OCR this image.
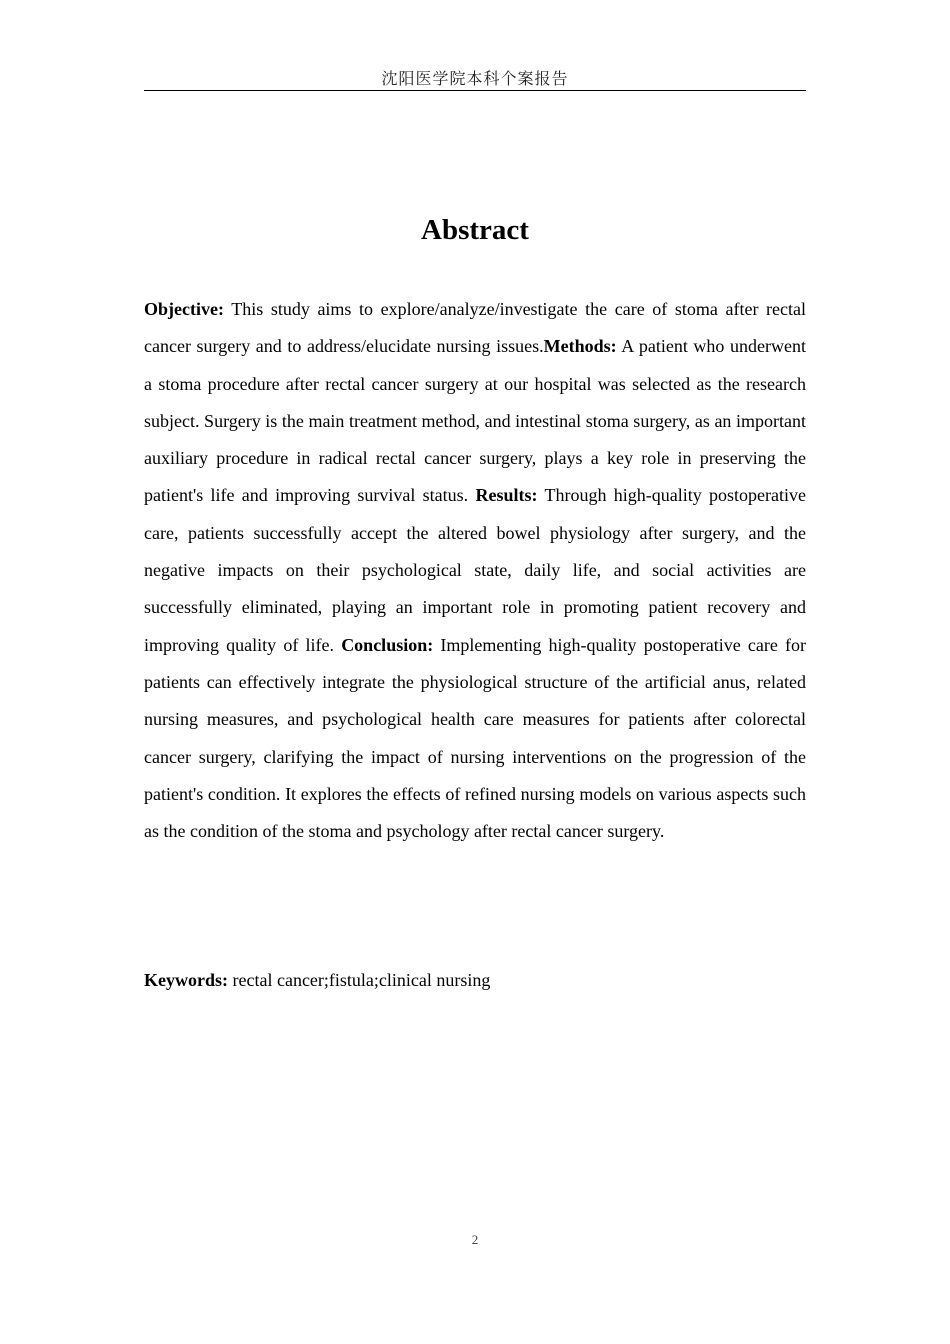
沈阳医学院本科个案报告
Abstract

Objective: This study aims to explore/analyze/investigate the care of stoma after rectal cancer surgery and to address/elucidate nursing issues.Methods: A patient who underwent a stoma procedure after rectal cancer surgery at our hospital was selected as the research subject. Surgery is the main treatment method, and intestinal stoma surgery, as an important auxiliary procedure in radical rectal cancer surgery, plays a key role in preserving the patient's life and improving survival status. Results: Through high-quality postoperative care, patients successfully accept the altered bowel physiology after surgery, and the negative impacts on their psychological state, daily life, and social activities are successfully eliminated, playing an important role in promoting patient recovery and improving quality of life. Conclusion: Implementing high-quality postoperative care for patients can effectively integrate the physiological structure of the artificial anus, related nursing measures, and psychological health care measures for patients after colorectal cancer surgery, clarifying the impact of nursing interventions on the progression of the patient's condition. It explores the effects of refined nursing models on various aspects such as the condition of the stoma and psychology after rectal cancer surgery.

Keywords: rectal cancer;fistula;clinical nursing

2
